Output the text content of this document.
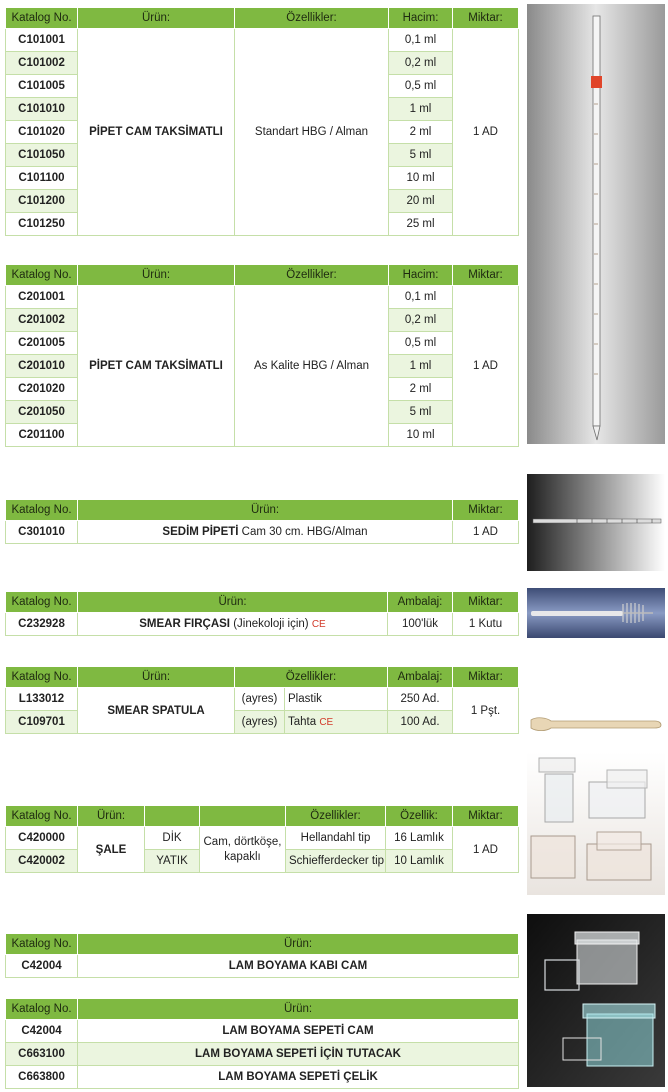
Katalog No.	Ürün:	Özellikler:	Hacim:	Miktar:
C101001	PİPET CAM TAKSİMATLI	Standart HBG / Alman	0,1 ml	1 AD
C101002			0,2 ml	
C101005			0,5 ml	
C101010			1 ml	
C101020			2 ml	
C101050			5 ml	
C101100			10 ml	
C101200			20 ml	
C101250			25 ml	
Katalog No.	Ürün:	Özellikler:	Hacim:	Miktar:
C201001	PİPET CAM TAKSİMATLI	As Kalite HBG / Alman	0,1 ml	1 AD
C201002			0,2 ml	
C201005			0,5 ml	
C201010			1 ml	
C201020			2 ml	
C201050			5 ml	
C201100			10 ml	
Katalog No.	Ürün:	Miktar:
C301010	SEDİM PİPETİ Cam 30 cm. HBG/Alman	1 AD
Katalog No.	Ürün:	Ambalaj:	Miktar:
C232928	SMEAR FIRÇASI (Jinekoloji için) CE	100'lük	1 Kutu
Katalog No.	Ürün:	Özellikler:		Ambalaj:	Miktar:
L133012	SMEAR SPATULA	(ayres)	Plastik	250 Ad.	1 Pşt.
C109701		(ayres)	Tahta CE	100 Ad.	
Katalog No.	Ürün:			Özellikler:	Özellik:	Miktar:
C420000	ŞALE	DİK	Cam, dörtköşe, kapaklı	Hellandahl tip	16 Lamlık	1 AD
C420002		YATIK		Schiefferdecker tip	10 Lamlık	
Katalog No.	Ürün:
C42004	LAM BOYAMA KABI CAM
Katalog No.	Ürün:
C42004	LAM BOYAMA SEPETİ CAM
C663100	LAM BOYAMA SEPETİ İÇİN TUTACAK
C663800	LAM BOYAMA SEPETİ ÇELİK
